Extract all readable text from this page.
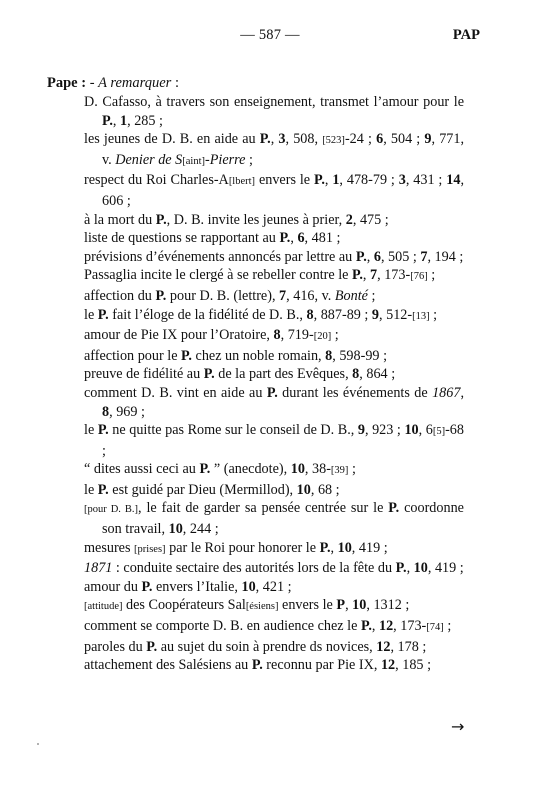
— 587 —	PAP
Pape : - A remarquer :
D. Cafasso, à travers son enseignement, transmet l’amour pour le P., 1, 285 ;
les jeunes de D. B. en aide au P., 3, 508, [523]-24 ; 6, 504 ; 9, 771, v. Denier de S[aint]-Pierre ;
respect du Roi Charles-A[lbert] envers le P., 1, 478-79 ; 3, 431 ; 14, 606 ;
à la mort du P., D. B. invite les jeunes à prier, 2, 475 ;
liste de questions se rapportant au P., 6, 481 ;
prévisions d’événements annoncés par lettre au P., 6, 505 ; 7, 194 ;
Passaglia incite le clergé à se rebeller contre le P., 7, 173-[76] ;
affection du P. pour D. B. (lettre), 7, 416, v. Bonté ;
le P. fait l’éloge de la fidélité de D. B., 8, 887-89 ; 9, 512-[13] ;
amour de Pie IX pour l’Oratoire, 8, 719-[20] ;
affection pour le P. chez un noble romain, 8, 598-99 ;
preuve de fidélité au P. de la part des Evêques, 8, 864 ;
comment D. B. vint en aide au P. durant les événements de 1867, 8, 969 ;
le P. ne quitte pas Rome sur le conseil de D. B., 9, 923 ; 10, 6[5]-68 ;
“ dites aussi ceci au P. ” (anecdote), 10, 38-[39] ;
le P. est guidé par Dieu (Mermillod), 10, 68 ;
[pour D. B.], le fait de garder sa pensée centrée sur le P. coordonne son travail, 10, 244 ;
mesures [prises] par le Roi pour honorer le P., 10, 419 ;
1871 : conduite sectaire des autorités lors de la fête du P., 10, 419 ;
amour du P. envers l’Italie, 10, 421 ;
[attitude] des Coopérateurs Sal[ésiens] envers le P, 10, 1312 ;
comment se comporte D. B. en audience chez le P., 12, 173-[74] ;
paroles du P. au sujet du soin à prendre ds novices, 12, 178 ;
attachement des Salésiens au P. reconnu par Pie IX, 12, 185 ;
→
